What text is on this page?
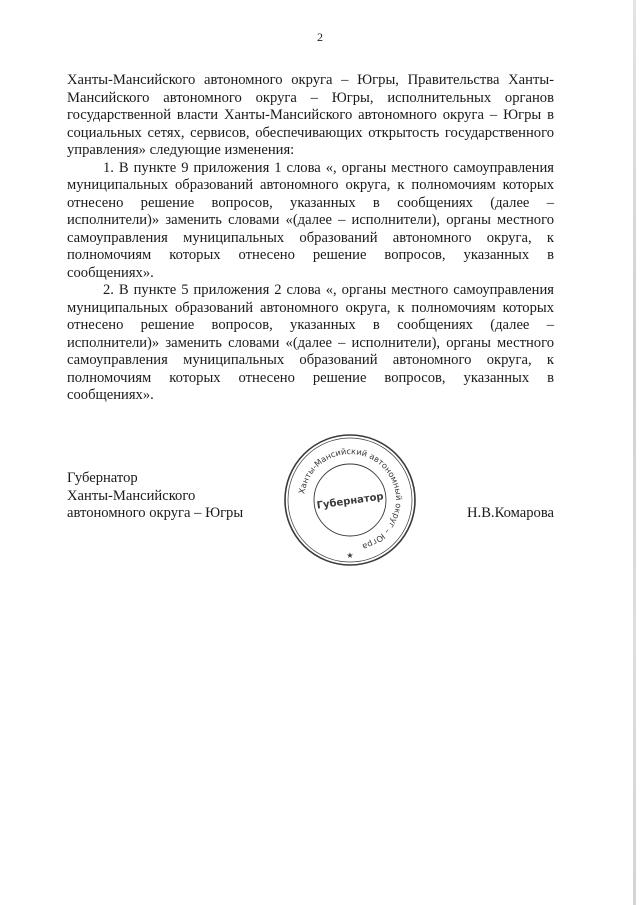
2

Ханты-Мансийского автономного округа – Югры, Правительства Ханты-Мансийского автономного округа – Югры, исполнительных органов государственной власти Ханты-Мансийского автономного округа – Югры в социальных сетях, сервисов, обеспечивающих открытость государственного управления» следующие изменения:

1. В пункте 9 приложения 1 слова «, органы местного самоуправления муниципальных образований автономного округа, к полномочиям которых отнесено решение вопросов, указанных в сообщениях (далее – исполнители)» заменить словами «(далее – исполнители), органы местного самоуправления муниципальных образований автономного округа, к полномочиям которых отнесено решение вопросов, указанных в сообщениях».

2. В пункте 5 приложения 2 слова «, органы местного самоуправления муниципальных образований автономного округа, к полномочиям которых отнесено решение вопросов, указанных в сообщениях (далее – исполнители)» заменить словами «(далее – исполнители), органы местного самоуправления муниципальных образований автономного округа, к полномочиям которых отнесено решение вопросов, указанных в сообщениях».

Губернатор
Ханты-Мансийского
автономного округа – Югры
Ханты-Мансийский автономный округ – Югра
Губернатор
★
Н.В.Комарова
